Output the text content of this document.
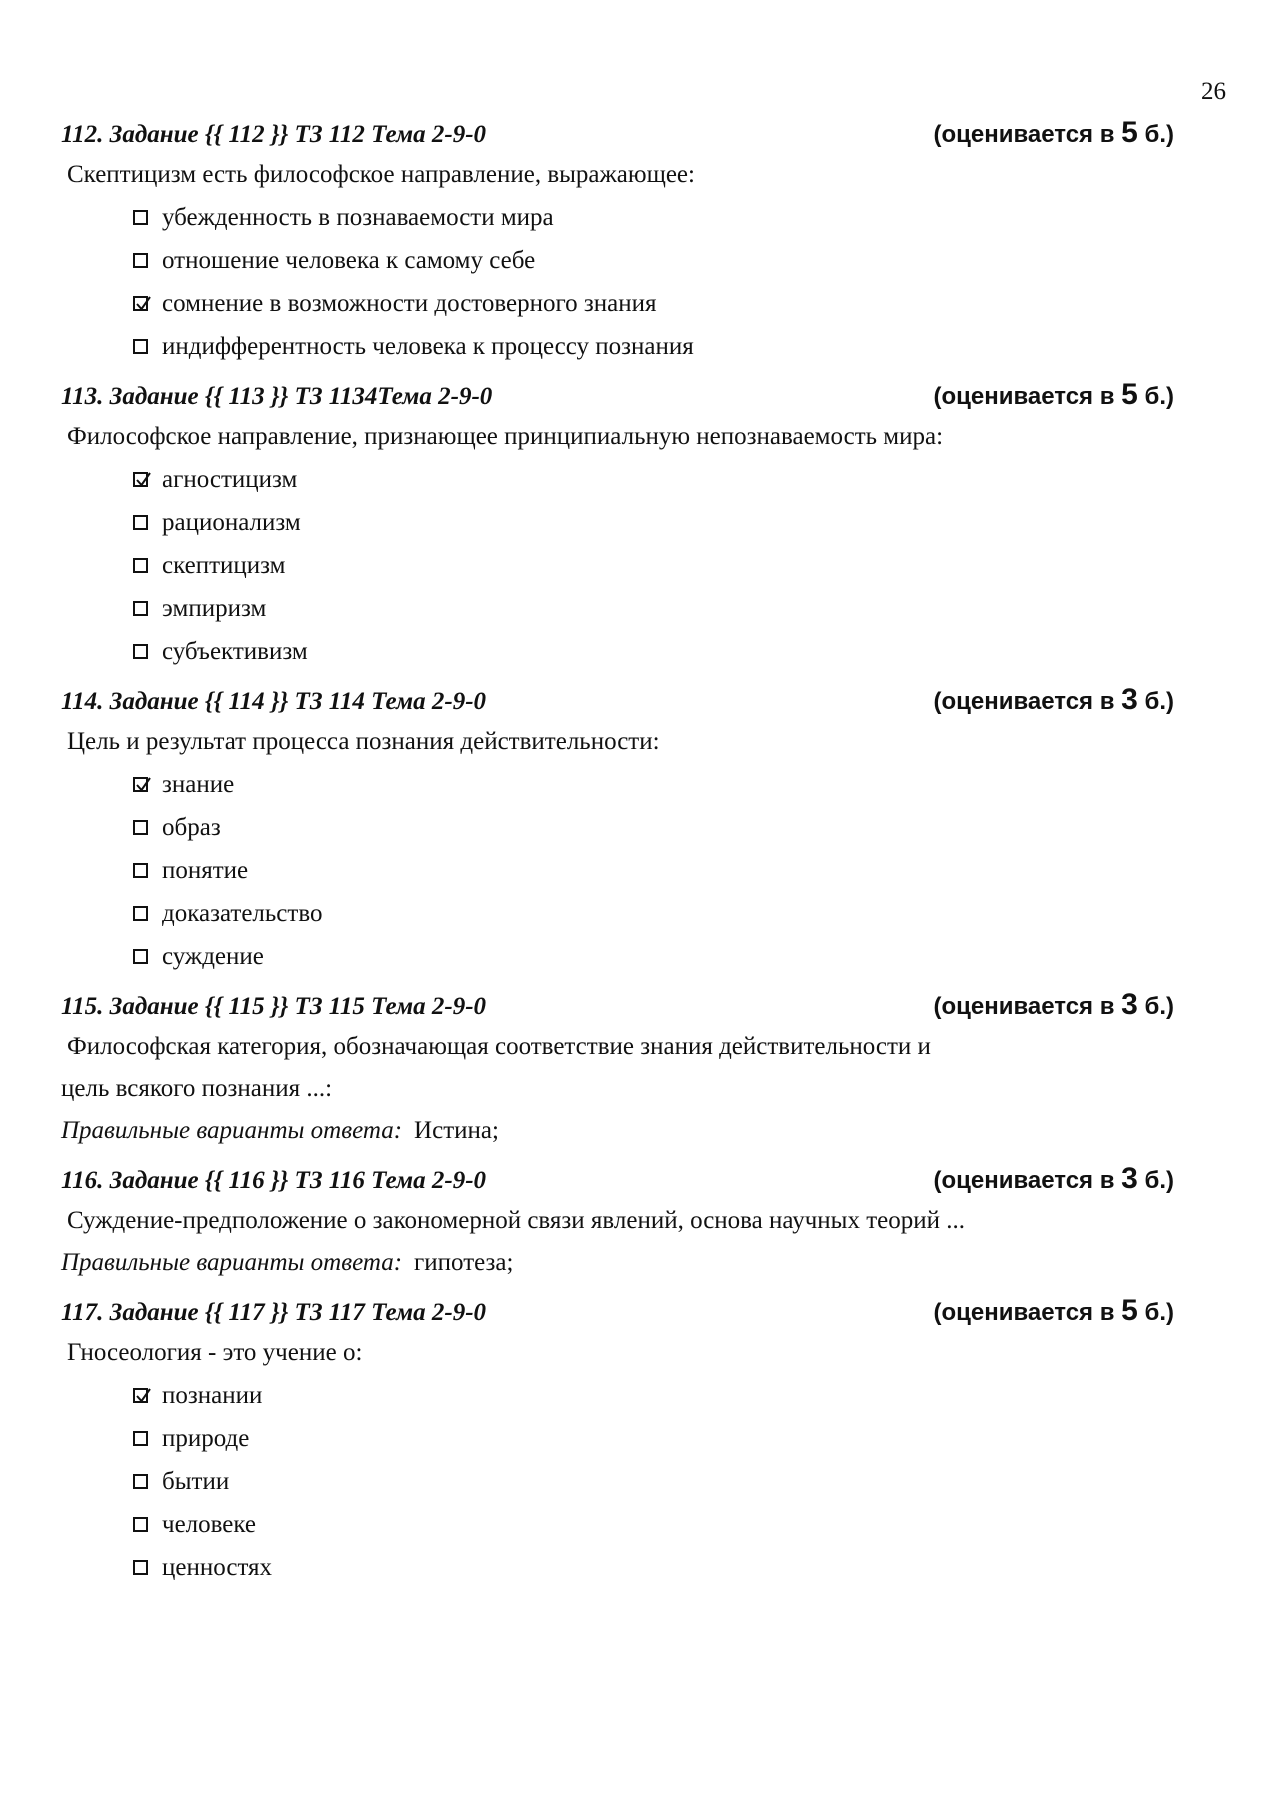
26
112. Задание {{ 112 }} ТЗ 112 Тема 2-9-0	(оценивается в 5 б.)
Скептицизм есть философское направление, выражающее:
убежденность в познаваемости мира
отношение человека к самому себе
сомнение в возможности достоверного знания
индифферентность человека к процессу познания
113. Задание {{ 113 }} ТЗ 1134Тема 2-9-0	(оценивается в 5 б.)
Философское направление, признающее принципиальную непознаваемость мира:
агностицизм
рационализм
скептицизм
эмпиризм
субъективизм
114. Задание {{ 114 }} ТЗ 114 Тема 2-9-0	(оценивается в 3 б.)
Цель и результат процесса познания действительности:
знание
образ
понятие
доказательство
суждение
115. Задание {{ 115 }} ТЗ 115 Тема 2-9-0	(оценивается в 3 б.)
Философская категория, обозначающая соответствие знания действительности и
цель всякого познания ...:
Правильные варианты ответа: Истина;
116. Задание {{ 116 }} ТЗ 116 Тема 2-9-0	(оценивается в 3 б.)
Суждение-предположение о закономерной связи явлений, основа научных теорий ...
Правильные варианты ответа: гипотеза;
117. Задание {{ 117 }} ТЗ 117 Тема 2-9-0	(оценивается в 5 б.)
Гносеология - это учение о:
познании
природе
бытии
человеке
ценностях
